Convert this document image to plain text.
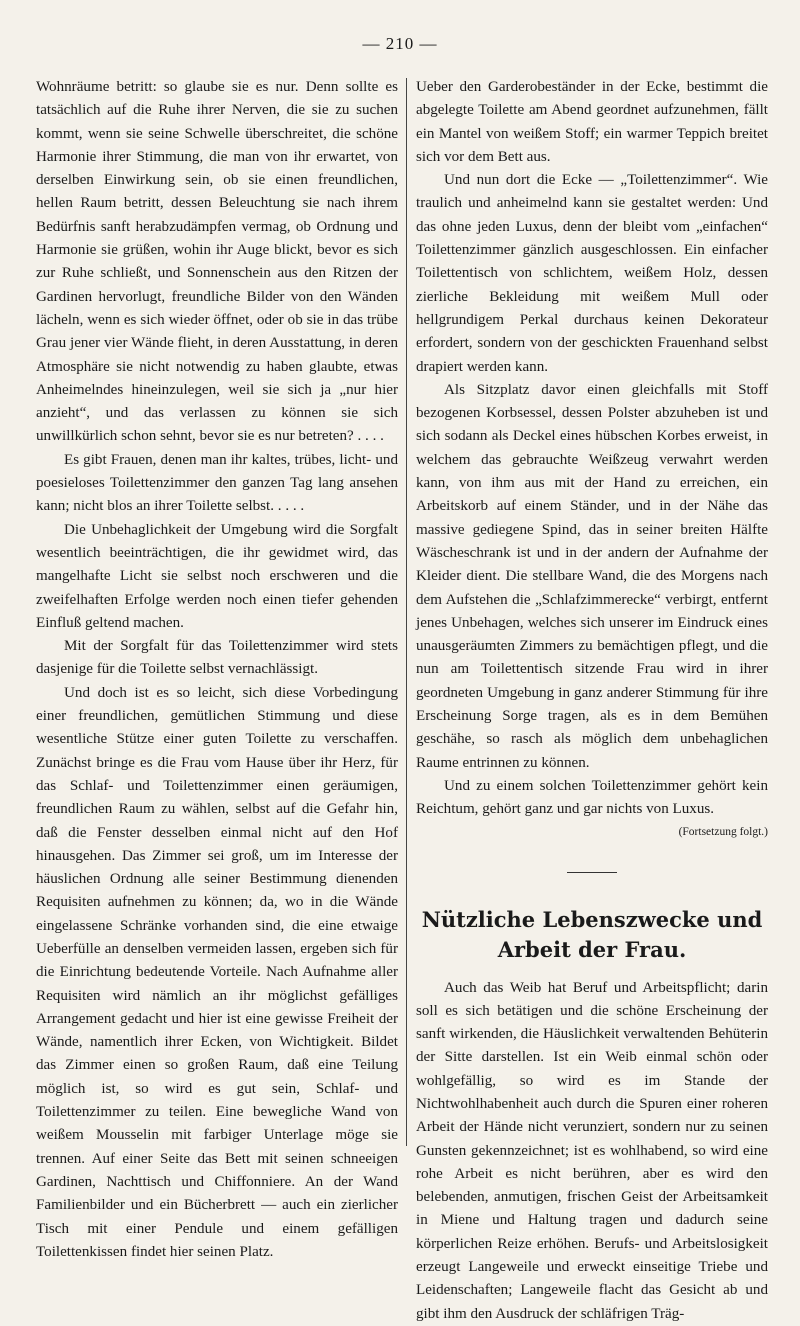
— 210 —

Wohnräume betritt: so glaube sie es nur. Denn sollte es tatsächlich auf die Ruhe ihrer Nerven, die sie zu suchen kommt, wenn sie seine Schwelle überschreitet, die schöne Harmonie ihrer Stimmung, die man von ihr erwartet, von derselben Einwirkung sein, ob sie einen freundlichen, hellen Raum betritt, dessen Beleuchtung sie nach ihrem Bedürfnis sanft herabzudämpfen vermag, ob Ordnung und Harmonie sie grüßen, wohin ihr Auge blickt, bevor es sich zur Ruhe schließt, und Sonnenschein aus den Ritzen der Gardinen hervorlugt, freundliche Bilder von den Wänden lächeln, wenn es sich wieder öffnet, oder ob sie in das trübe Grau jener vier Wände flieht, in deren Ausstattung, in deren Atmosphäre sie nicht notwendig zu haben glaubte, etwas Anheimelndes hineinzulegen, weil sie sich ja „nur hier anzieht“, und das verlassen zu können sie sich unwillkürlich schon sehnt, bevor sie es nur betreten? . . . .

Es gibt Frauen, denen man ihr kaltes, trübes, licht- und poesieloses Toilettenzimmer den ganzen Tag lang ansehen kann; nicht blos an ihrer Toilette selbst. . . . .

Die Unbehaglichkeit der Umgebung wird die Sorgfalt wesentlich beeinträchtigen, die ihr gewidmet wird, das mangelhafte Licht sie selbst noch erschweren und die zweifelhaften Erfolge werden noch einen tiefer gehenden Einfluß geltend machen.

Mit der Sorgfalt für das Toilettenzimmer wird stets dasjenige für die Toilette selbst vernachlässigt.

Und doch ist es so leicht, sich diese Vorbedingung einer freundlichen, gemütlichen Stimmung und diese wesentliche Stütze einer guten Toilette zu verschaffen. Zunächst bringe es die Frau vom Hause über ihr Herz, für das Schlaf- und Toilettenzimmer einen geräumigen, freundlichen Raum zu wählen, selbst auf die Gefahr hin, daß die Fenster desselben einmal nicht auf den Hof hinausgehen. Das Zimmer sei groß, um im Interesse der häuslichen Ordnung alle seiner Bestimmung dienenden Requisiten aufnehmen zu können; da, wo in die Wände eingelassene Schränke vorhanden sind, die eine etwaige Ueberfülle an denselben vermeiden lassen, ergeben sich für die Einrichtung bedeutende Vorteile. Nach Aufnahme aller Requisiten wird nämlich an ihr möglichst gefälliges Arrangement gedacht und hier ist eine gewisse Freiheit der Wände, namentlich ihrer Ecken, von Wichtigkeit. Bildet das Zimmer einen so großen Raum, daß eine Teilung möglich ist, so wird es gut sein, Schlaf- und Toilettenzimmer zu teilen. Eine bewegliche Wand von weißem Mousselin mit farbiger Unterlage möge sie trennen. Auf einer Seite das Bett mit seinen schneeigen Gardinen, Nachttisch und Chiffonniere. An der Wand Familienbilder und ein Bücherbrett — auch ein zierlicher Tisch mit einer Pendule und einem gefälligen Toilettenkissen findet hier seinen Platz.

Ueber den Garderobeständer in der Ecke, bestimmt die abgelegte Toilette am Abend geordnet aufzunehmen, fällt ein Mantel von weißem Stoff; ein warmer Teppich breitet sich vor dem Bett aus.

Und nun dort die Ecke — „Toilettenzimmer“. Wie traulich und anheimelnd kann sie gestaltet werden: Und das ohne jeden Luxus, denn der bleibt vom „einfachen“ Toilettenzimmer gänzlich ausgeschlossen. Ein einfacher Toilettentisch von schlichtem, weißem Holz, dessen zierliche Bekleidung mit weißem Mull oder hellgrundigem Perkal durchaus keinen Dekorateur erfordert, sondern von der geschickten Frauenhand selbst drapiert werden kann.

Als Sitzplatz davor einen gleichfalls mit Stoff bezogenen Korbsessel, dessen Polster abzuheben ist und sich sodann als Deckel eines hübschen Korbes erweist, in welchem das gebrauchte Weißzeug verwahrt werden kann, von ihm aus mit der Hand zu erreichen, ein Arbeitskorb auf einem Ständer, und in der Nähe das massive gediegene Spind, das in seiner breiten Hälfte Wäscheschrank ist und in der andern der Aufnahme der Kleider dient. Die stellbare Wand, die des Morgens nach dem Aufstehen die „Schlafzimmerecke“ verbirgt, entfernt jenes Unbehagen, welches sich unserer im Eindruck eines unausgeräumten Zimmers zu bemächtigen pflegt, und die nun am Toilettentisch sitzende Frau wird in ihrer geordneten Umgebung in ganz anderer Stimmung für ihre Erscheinung Sorge tragen, als es in dem Bemühen geschähe, so rasch als möglich dem unbehaglichen Raume entrinnen zu können.

Und zu einem solchen Toilettenzimmer gehört kein Reichtum, gehört ganz und gar nichts von Luxus.

(Fortsetzung folgt.)

Nützliche Lebenszwecke und Arbeit der Frau.

Auch das Weib hat Beruf und Arbeitspflicht; darin soll es sich betätigen und die schöne Erscheinung der sanft wirkenden, die Häuslichkeit verwaltenden Behüterin der Sitte darstellen. Ist ein Weib einmal schön oder wohlgefällig, so wird es im Stande der Nichtwohlhabenheit auch durch die Spuren einer roheren Arbeit der Hände nicht verunziert, sondern nur zu seinen Gunsten gekennzeichnet; ist es wohlhabend, so wird eine rohe Arbeit es nicht berühren, aber es wird den belebenden, anmutigen, frischen Geist der Arbeitsamkeit in Miene und Haltung tragen und dadurch seine körperlichen Reize erhöhen. Berufs- und Arbeitslosigkeit erzeugt Langeweile und erweckt einseitige Triebe und Leidenschaften; Langeweile flacht das Gesicht ab und gibt ihm den Ausdruck der schläfrigen Träg-
